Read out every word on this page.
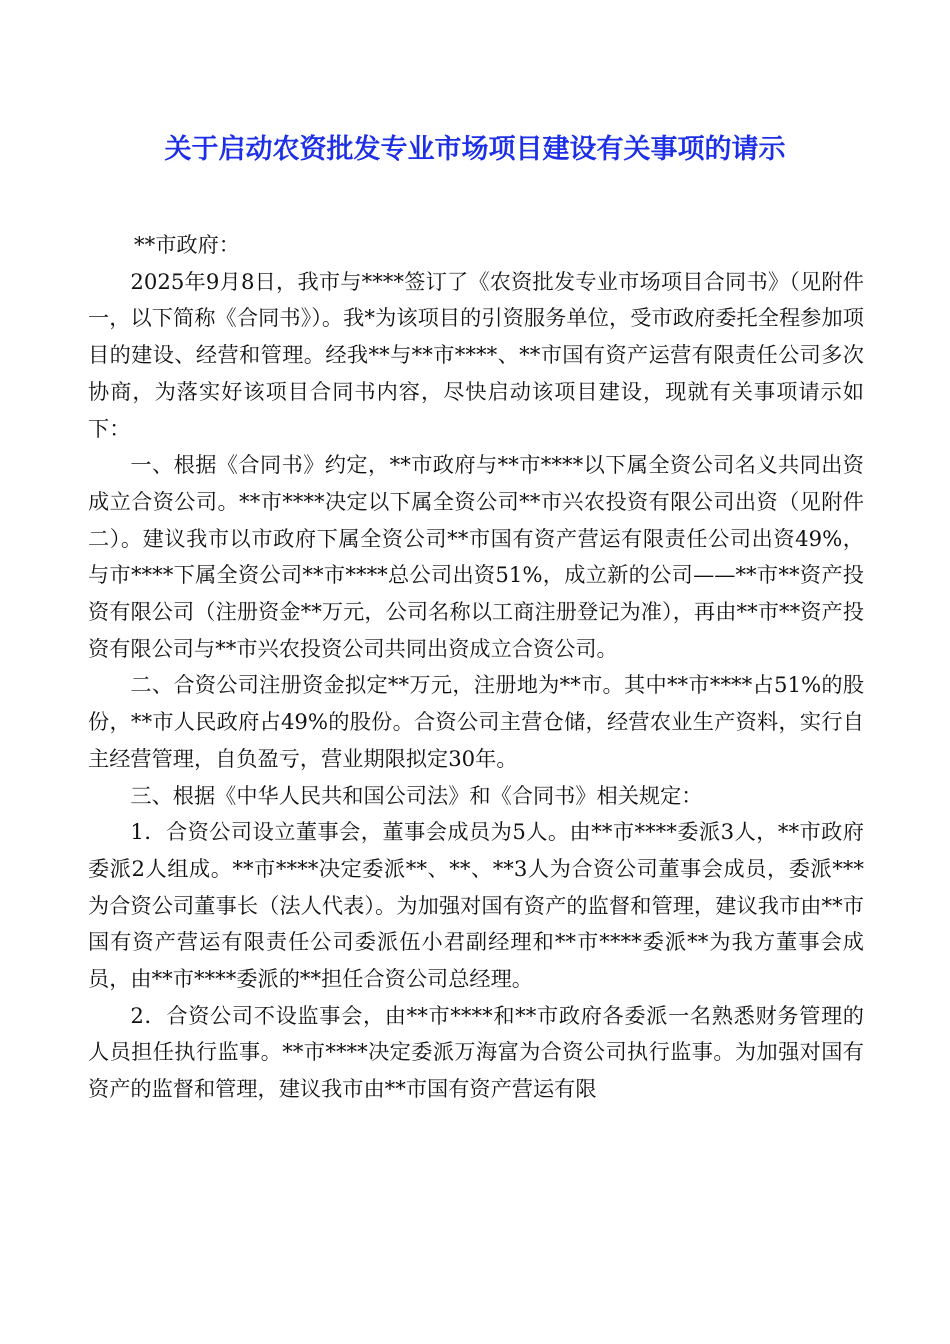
关于启动农资批发专业市场项目建设有关事项的请示

**市政府：

2025年9月8日，我市与****签订了《农资批发专业市场项目合同书》（见附件一，以下简称《合同书》）。我*为该项目的引资服务单位，受市政府委托全程参加项目的建设、经营和管理。经我**与**市****、**市国有资产运营有限责任公司多次协商，为落实好该项目合同书内容，尽快启动该项目建设，现就有关事项请示如下：

一、根据《合同书》约定，**市政府与**市****以下属全资公司名义共同出资成立合资公司。**市****决定以下属全资公司**市兴农投资有限公司出资（见附件二）。建议我市以市政府下属全资公司**市国有资产营运有限责任公司出资49%，与市****下属全资公司**市****总公司出资51%，成立新的公司——**市**资产投资有限公司（注册资金**万元，公司名称以工商注册登记为准），再由**市**资产投资有限公司与**市兴农投资公司共同出资成立合资公司。

二、合资公司注册资金拟定**万元，注册地为**市。其中**市****占51%的股份，**市人民政府占49%的股份。合资公司主营仓储，经营农业生产资料，实行自主经营管理，自负盈亏，营业期限拟定30年。

三、根据《中华人民共和国公司法》和《合同书》相关规定：

1．合资公司设立董事会，董事会成员为5人。由**市****委派3人，**市政府委派2人组成。**市****决定委派**、**、**3人为合资公司董事会成员，委派***为合资公司董事长（法人代表）。为加强对国有资产的监督和管理，建议我市由**市国有资产营运有限责任公司委派伍小君副经理和**市****委派**为我方董事会成员，由**市****委派的**担任合资公司总经理。

2．合资公司不设监事会，由**市****和**市政府各委派一名熟悉财务管理的人员担任执行监事。**市****决定委派万海富为合资公司执行监事。为加强对国有资产的监督和管理，建议我市由**市国有资产营运有限
